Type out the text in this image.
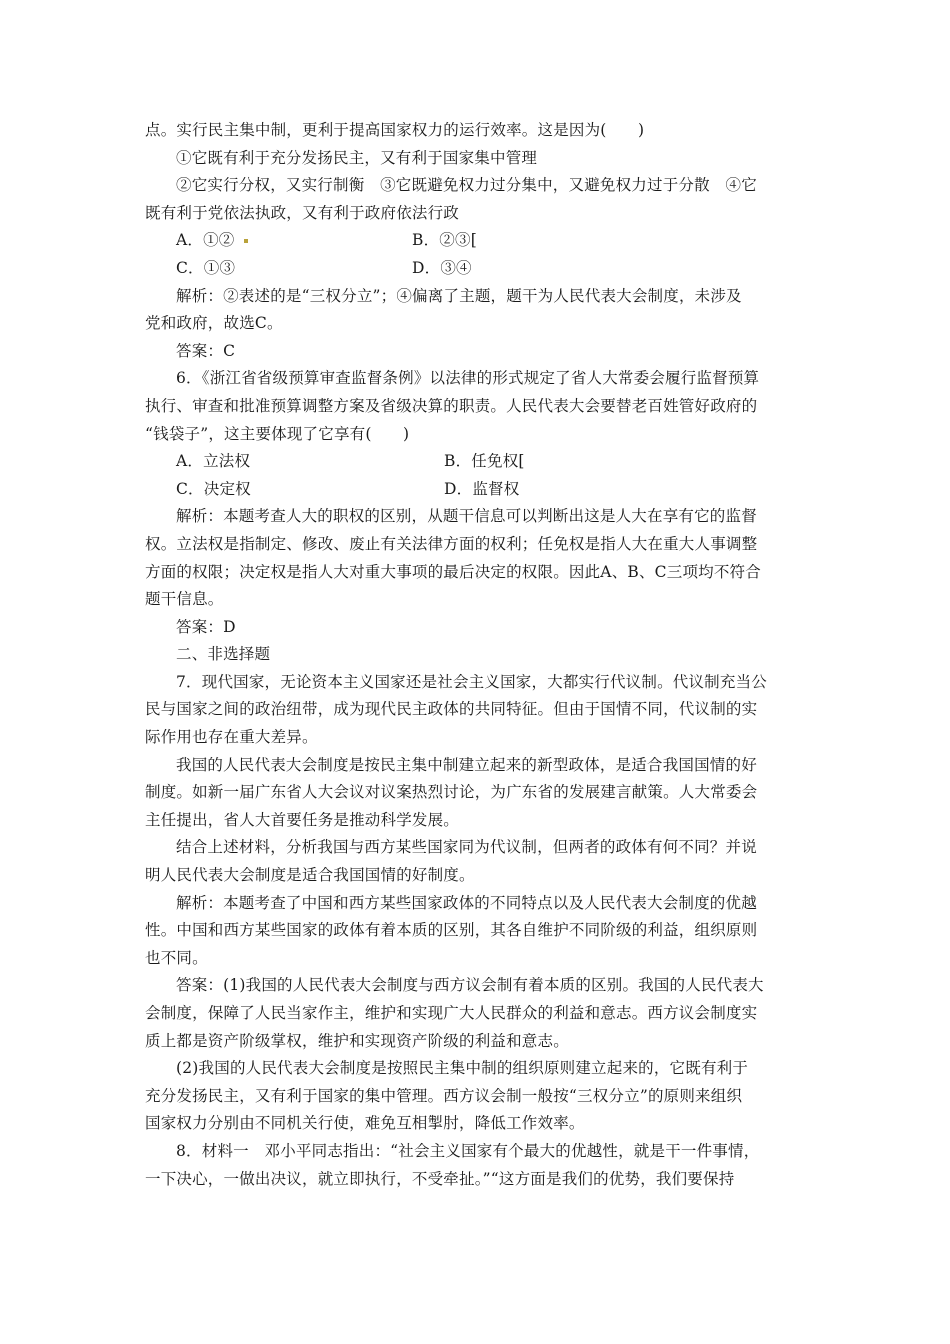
点。实行民主集中制，更利于提高国家权力的运行效率。这是因为(　　)
①它既有利于充分发扬民主，又有利于国家集中管理
②它实行分权，又实行制衡　③它既避免权力过分集中，又避免权力过于分散　④它
既有利于党依法执政，又有利于政府依法行政
A．①②	B．②③[
C．①③	D．③④
解析：②表述的是“三权分立”；④偏离了主题，题干为人民代表大会制度，未涉及
党和政府，故选C。
答案：C
6．《浙江省省级预算审查监督条例》以法律的形式规定了省人大常委会履行监督预算
执行、审查和批准预算调整方案及省级决算的职责。人民代表大会要替老百姓管好政府的
“钱袋子”，这主要体现了它享有(　　)
A．立法权	B．任免权[
C．决定权	D．监督权
解析：本题考查人大的职权的区别，从题干信息可以判断出这是人大在享有它的监督
权。立法权是指制定、修改、废止有关法律方面的权利；任免权是指人大在重大人事调整
方面的权限；决定权是指人大对重大事项的最后决定的权限。因此A、B、C三项均不符合
题干信息。
答案：D
二、非选择题
7．现代国家，无论资本主义国家还是社会主义国家，大都实行代议制。代议制充当公
民与国家之间的政治纽带，成为现代民主政体的共同特征。但由于国情不同，代议制的实
际作用也存在重大差异。
我国的人民代表大会制度是按民主集中制建立起来的新型政体，是适合我国国情的好
制度。如新一届广东省人大会议对议案热烈讨论，为广东省的发展建言献策。人大常委会
主任提出，省人大首要任务是推动科学发展。
结合上述材料，分析我国与西方某些国家同为代议制，但两者的政体有何不同？并说
明人民代表大会制度是适合我国国情的好制度。
解析：本题考查了中国和西方某些国家政体的不同特点以及人民代表大会制度的优越
性。中国和西方某些国家的政体有着本质的区别，其各自维护不同阶级的利益，组织原则
也不同。
答案：(1)我国的人民代表大会制度与西方议会制有着本质的区别。我国的人民代表大
会制度，保障了人民当家作主，维护和实现广大人民群众的利益和意志。西方议会制度实
质上都是资产阶级掌权，维护和实现资产阶级的利益和意志。
(2)我国的人民代表大会制度是按照民主集中制的组织原则建立起来的，它既有利于
充分发扬民主，又有利于国家的集中管理。西方议会制一般按“三权分立”的原则来组织
国家权力分别由不同机关行使，难免互相掣肘，降低工作效率。
8．材料一　邓小平同志指出：“社会主义国家有个最大的优越性，就是干一件事情，
一下决心，一做出决议，就立即执行，不受牵扯。”“这方面是我们的优势，我们要保持
